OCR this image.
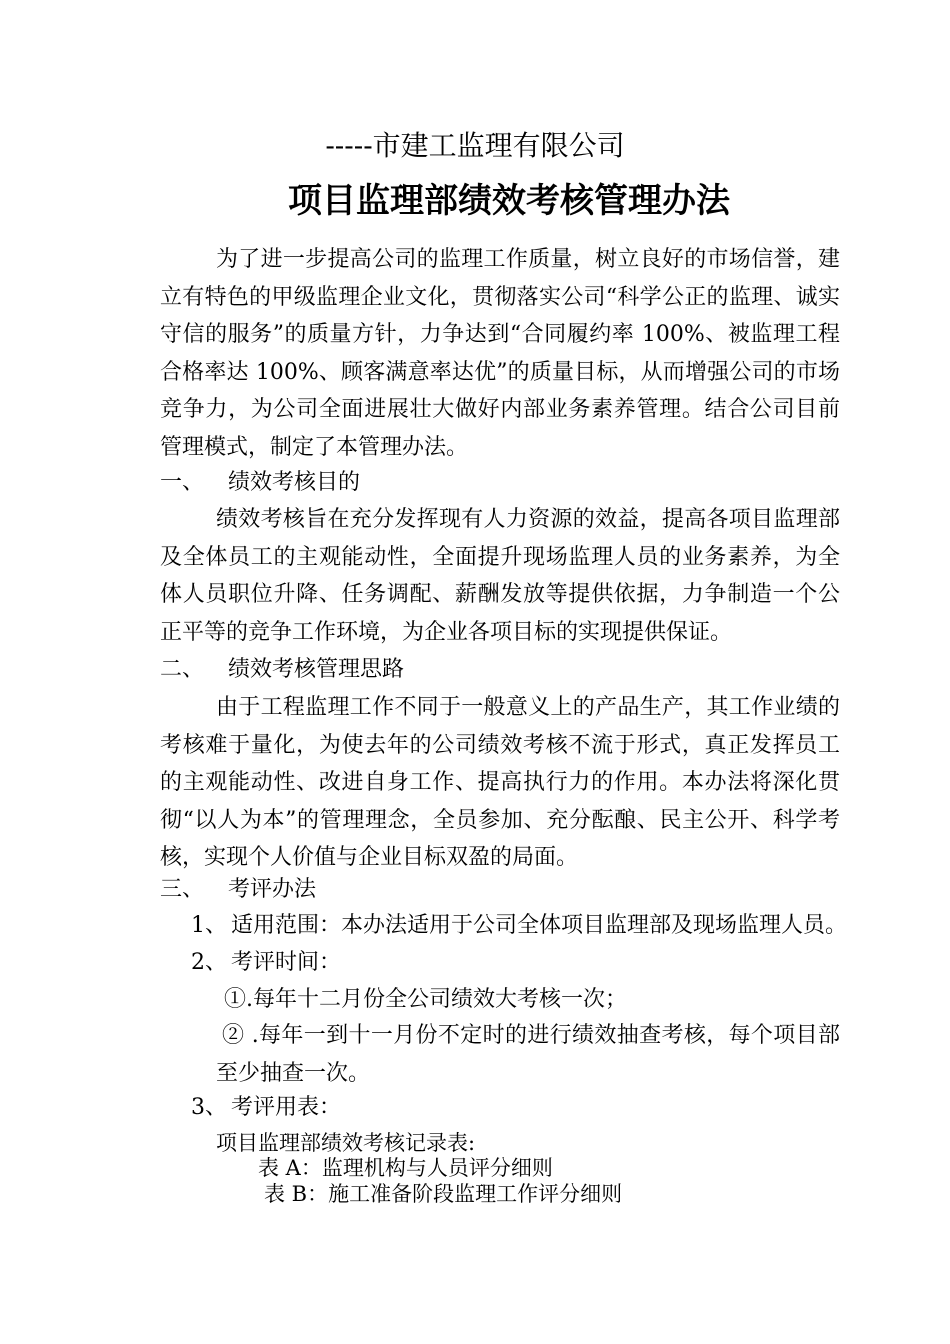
-----市建工监理有限公司
项目监理部绩效考核管理办法
为了进一步提高公司的监理工作质量，树立良好的市场信誉，建立有特色的甲级监理企业文化，贯彻落实公司“科学公正的监理、诚实守信的服务”的质量方针，力争达到“合同履约率 100%、被监理工程合格率达 100%、顾客满意率达优”的质量目标，从而增强公司的市场竞争力，为公司全面进展壮大做好内部业务素养管理。结合公司目前管理模式，制定了本管理办法。
一、 绩效考核目的
绩效考核旨在充分发挥现有人力资源的效益，提高各项目监理部及全体员工的主观能动性，全面提升现场监理人员的业务素养，为全体人员职位升降、任务调配、薪酬发放等提供依据，力争制造一个公正平等的竞争工作环境，为企业各项目标的实现提供保证。
二、 绩效考核管理思路
由于工程监理工作不同于一般意义上的产品生产，其工作业绩的考核难于量化，为使去年的公司绩效考核不流于形式，真正发挥员工的主观能动性、改进自身工作、提高执行力的作用。本办法将深化贯彻“以人为本”的管理理念，全员参加、充分酝酿、民主公开、科学考核，实现个人价值与企业目标双盈的局面。
三、 考评办法
1、 适用范围：本办法适用于公司全体项目监理部及现场监理人员。
2、 考评时间：
①.每年十二月份全公司绩效大考核一次；
② .每年一到十一月份不定时的进行绩效抽查考核，每个项目部至少抽查一次。
3、 考评用表：
项目监理部绩效考核记录表:
表 A：监理机构与人员评分细则
表 B：施工准备阶段监理工作评分细则
